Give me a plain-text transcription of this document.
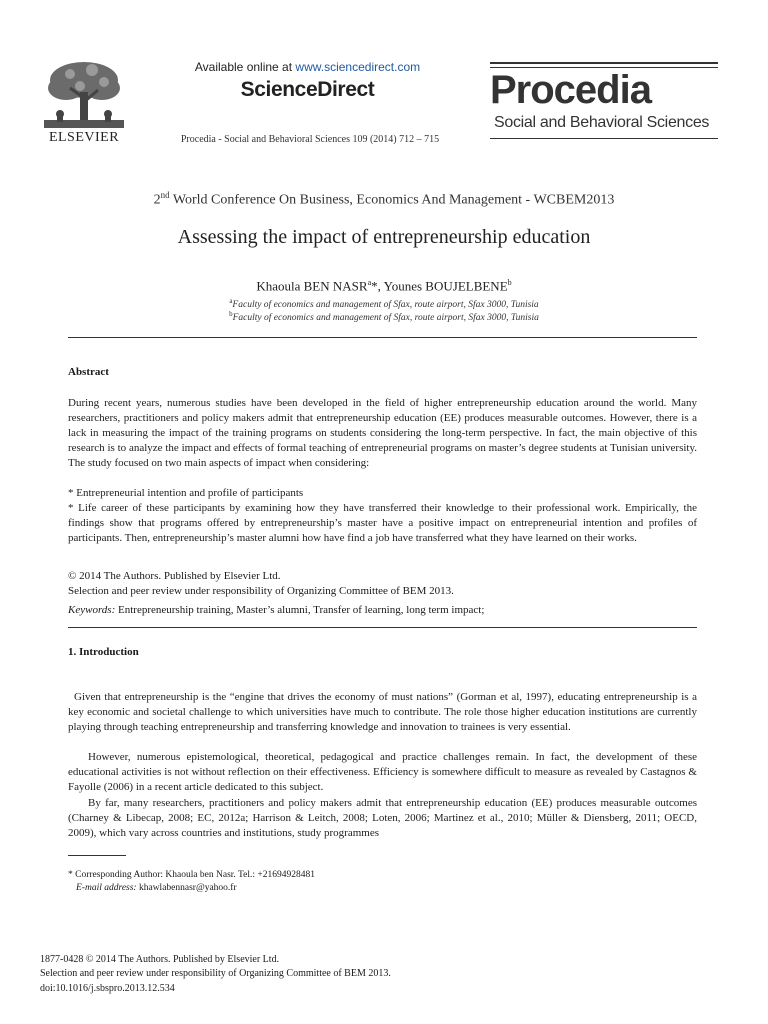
ELSEVIER
Available online at www.sciencedirect.com
ScienceDirect
Procedia - Social and Behavioral Sciences 109 (2014) 712 – 715
Procedia
Social and Behavioral Sciences
2nd World Conference On Business, Economics And Management - WCBEM2013
Assessing the impact of entrepreneurship education
Khaoula BEN NASR$^a$*, Younes BOUJELBENE$^b$
$^a$Faculty of economics and management of Sfax, route airport, Sfax 3000, Tunisia
$^b$Faculty of economics and management of Sfax, route airport, Sfax 3000, Tunisia
Abstract
During recent years, numerous studies have been developed in the field of higher entrepreneurship education around the world. Many researchers, practitioners and policy makers admit that entrepreneurship education (EE) produces measurable outcomes. However, there is a lack in measuring the impact of the training programs on students considering the long-term perspective. In fact, the main objective of this research is to analyze the impact and effects of formal teaching of entrepreneurial programs on master’s degree students at Tunisian university. The study focused on two main aspects of impact when considering:
* Entrepreneurial intention and profile of participants
* Life career of these participants by examining how they have transferred their knowledge to their professional work. Empirically, the findings show that programs offered by entrepreneurship’s master have a positive impact on entrepreneurial intention and profiles of participants. Then, entrepreneurship’s master alumni how have find a job have transferred what they have learned on their works.
© 2014 The Authors. Published by Elsevier Ltd.
Selection and peer review under responsibility of Organizing Committee of BEM 2013.
Keywords: Entrepreneurship training, Master’s alumni, Transfer of learning, long term impact;
1. Introduction
Given that entrepreneurship is the “engine that drives the economy of must nations” (Gorman et al, 1997), educating entrepreneurship is a key economic and societal challenge to which universities have much to contribute. The role those higher education institutions are currently playing through teaching entrepreneurship and transferring knowledge and innovation to trainees is very essential.
However, numerous epistemological, theoretical, pedagogical and practice challenges remain. In fact, the development of these educational activities is not without reflection on their effectiveness. Efficiency is somewhere difficult to measure as revealed by Castagnos & Fayolle (2006) in a recent article dedicated to this subject.
By far, many researchers, practitioners and policy makers admit that entrepreneurship education (EE) produces measurable outcomes (Charney & Libecap, 2008; EC, 2012a; Harrison & Leitch, 2008; Loten, 2006; Martinez et al., 2010; Müller & Diensberg, 2011; OECD, 2009), which vary across countries and institutions, study programmes
* Corresponding Author: Khaoula ben Nasr. Tel.: +21694928481
E-mail address: khawlabennasr@yahoo.fr
1877-0428 © 2014 The Authors. Published by Elsevier Ltd.
Selection and peer review under responsibility of Organizing Committee of BEM 2013.
doi:10.1016/j.sbspro.2013.12.534
